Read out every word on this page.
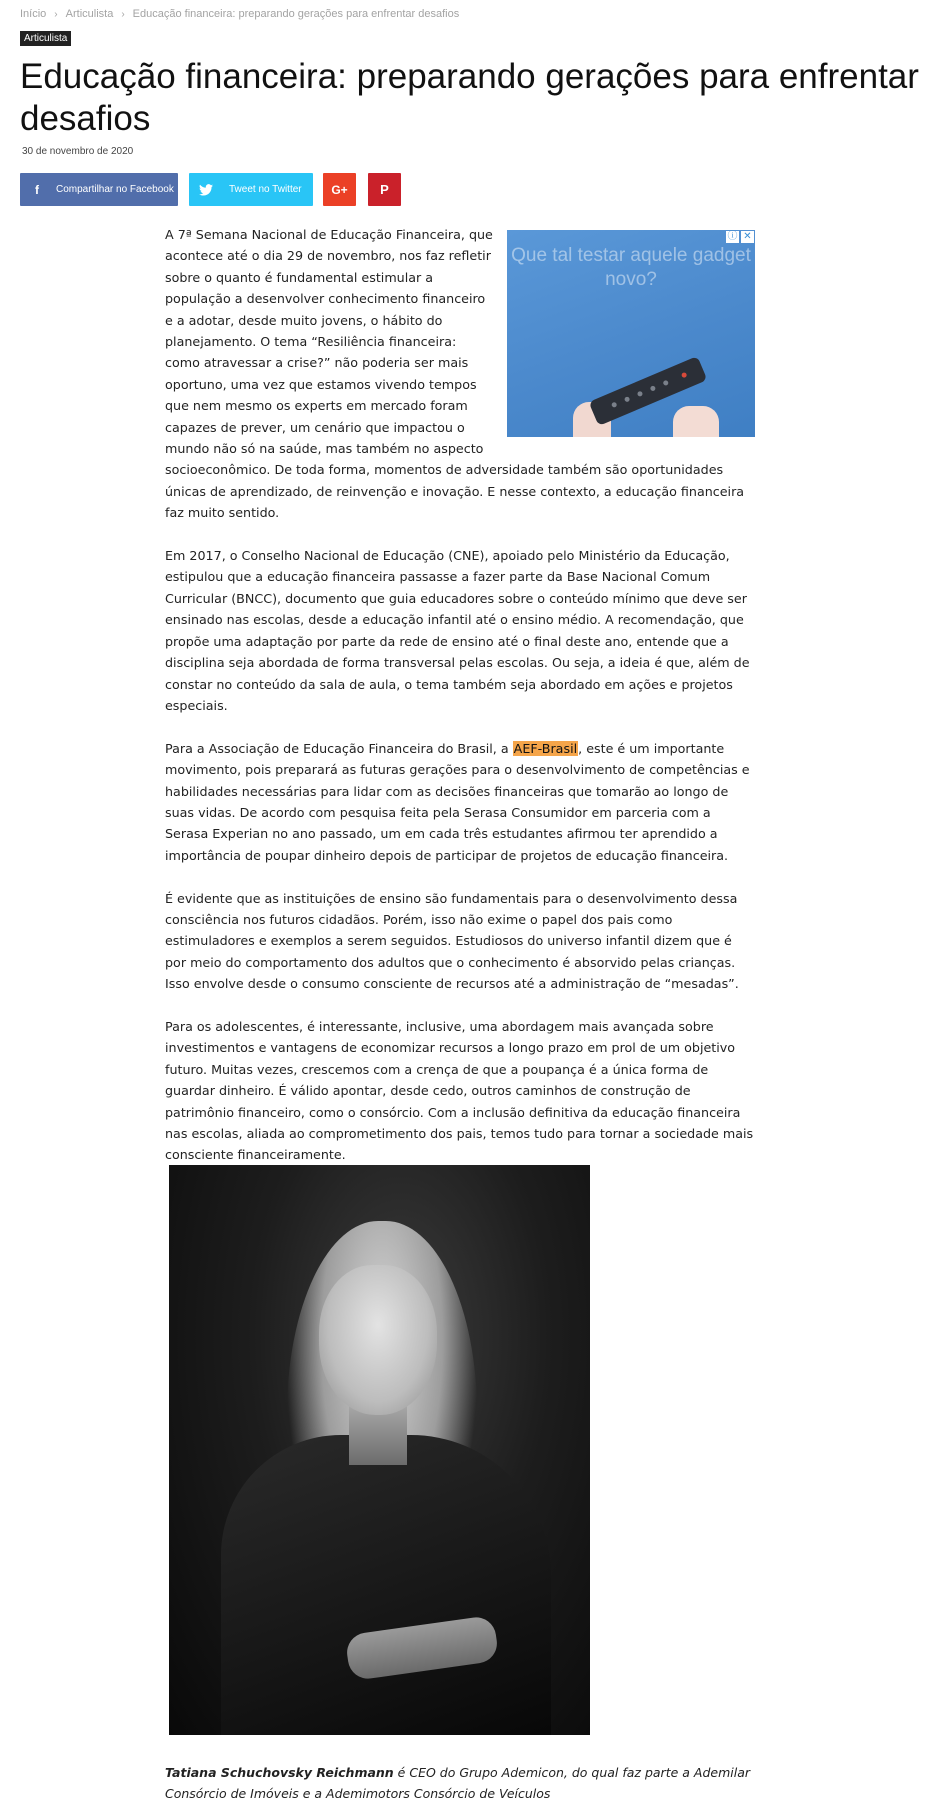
Início › Articulista › Educação financeira: preparando gerações para enfrentar desafios
Articulista
Educação financeira: preparando gerações para enfrentar desafios
30 de novembro de 2020
f	Compartilhar no Facebook	Tweet no Twitter G+ P
ⓘ ✕
Que tal testar aquele gadget novo?

A 7ª Semana Nacional de Educação Financeira, que acontece até o dia 29 de novembro, nos faz refletir sobre o quanto é fundamental estimular a população a desenvolver conhecimento financeiro e a adotar, desde muito jovens, o hábito do planejamento. O tema “Resiliência financeira: como atravessar a crise?” não poderia ser mais oportuno, uma vez que estamos vivendo tempos que nem mesmo os experts em mercado foram capazes de prever, um cenário que impactou o mundo não só na saúde, mas também no aspecto socioeconômico. De toda forma, momentos de adversidade também são oportunidades únicas de aprendizado, de reinvenção e inovação. E nesse contexto, a educação financeira faz muito sentido.

Em 2017, o Conselho Nacional de Educação (CNE), apoiado pelo Ministério da Educação, estipulou que a educação financeira passasse a fazer parte da Base Nacional Comum Curricular (BNCC), documento que guia educadores sobre o conteúdo mínimo que deve ser ensinado nas escolas, desde a educação infantil até o ensino médio. A recomendação, que propõe uma adaptação por parte da rede de ensino até o final deste ano, entende que a disciplina seja abordada de forma transversal pelas escolas. Ou seja, a ideia é que, além de constar no conteúdo da sala de aula, o tema também seja abordado em ações e projetos especiais.

Para a Associação de Educação Financeira do Brasil, a AEF-Brasil, este é um importante movimento, pois preparará as futuras gerações para o desenvolvimento de competências e habilidades necessárias para lidar com as decisões financeiras que tomarão ao longo de suas vidas. De acordo com pesquisa feita pela Serasa Consumidor em parceria com a Serasa Experian no ano passado, um em cada três estudantes afirmou ter aprendido a importância de poupar dinheiro depois de participar de projetos de educação financeira.

É evidente que as instituições de ensino são fundamentais para o desenvolvimento dessa consciência nos futuros cidadãos. Porém, isso não exime o papel dos pais como estimuladores e exemplos a serem seguidos. Estudiosos do universo infantil dizem que é por meio do comportamento dos adultos que o conhecimento é absorvido pelas crianças. Isso envolve desde o consumo consciente de recursos até a administração de “mesadas”.

Para os adolescentes, é interessante, inclusive, uma abordagem mais avançada sobre investimentos e vantagens de economizar recursos a longo prazo em prol de um objetivo futuro. Muitas vezes, crescemos com a crença de que a poupança é a única forma de guardar dinheiro. É válido apontar, desde cedo, outros caminhos de construção de patrimônio financeiro, como o consórcio. Com a inclusão definitiva da educação financeira nas escolas, aliada ao comprometimento dos pais, temos tudo para tornar a sociedade mais consciente financeiramente.

Tatiana Schuchovsky Reichmann é CEO do Grupo Ademicon, do qual faz parte a Ademilar Consórcio de Imóveis e a Ademimotors Consórcio de Veículos
